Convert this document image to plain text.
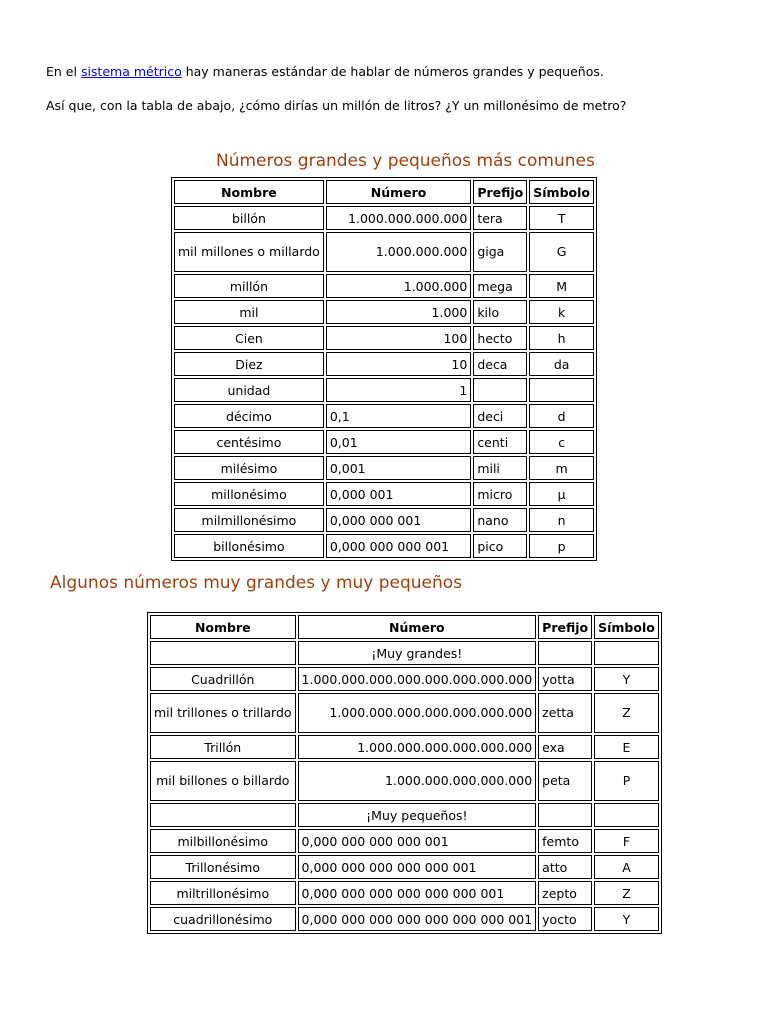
En el sistema métrico hay maneras estándar de hablar de números grandes y pequeños.

Así que, con la tabla de abajo, ¿cómo dirías un millón de litros? ¿Y un millonésimo de metro?

Números grandes y pequeños más comunes
Nombre	Número	Prefijo	Símbolo
billón	1.000.000.000.000	tera	T
mil millones o millardo	1.000.000.000	giga	G
millón	1.000.000	mega	M
mil	1.000	kilo	k
Cien	100	hecto	h
Diez	10	deca	da
unidad	1		
décimo	0,1	deci	d
centésimo	0,01	centi	c
milésimo	0,001	mili	m
millonésimo	0,000 001	micro	µ
milmillonésimo	0,000 000 001	nano	n
billonésimo	0,000 000 000 001	pico	p
Algunos números muy grandes y muy pequeños
Nombre	Número	Prefijo	Símbolo
	¡Muy grandes!		
Cuadrillón	1.000.000.000.000.000.000.000.000	yotta	Y
mil trillones o trillardo	1.000.000.000.000.000.000.000	zetta	Z
Trillón	1.000.000.000.000.000.000	exa	E
mil billones o billardo	1.000.000.000.000.000	peta	P
	¡Muy pequeños!		
milbillonésimo	0,000 000 000 000 001	femto	F
Trillonésimo	0,000 000 000 000 000 001	atto	A
miltrillonésimo	0,000 000 000 000 000 000 001	zepto	Z
cuadrillonésimo	0,000 000 000 000 000 000 000 001	yocto	Y
